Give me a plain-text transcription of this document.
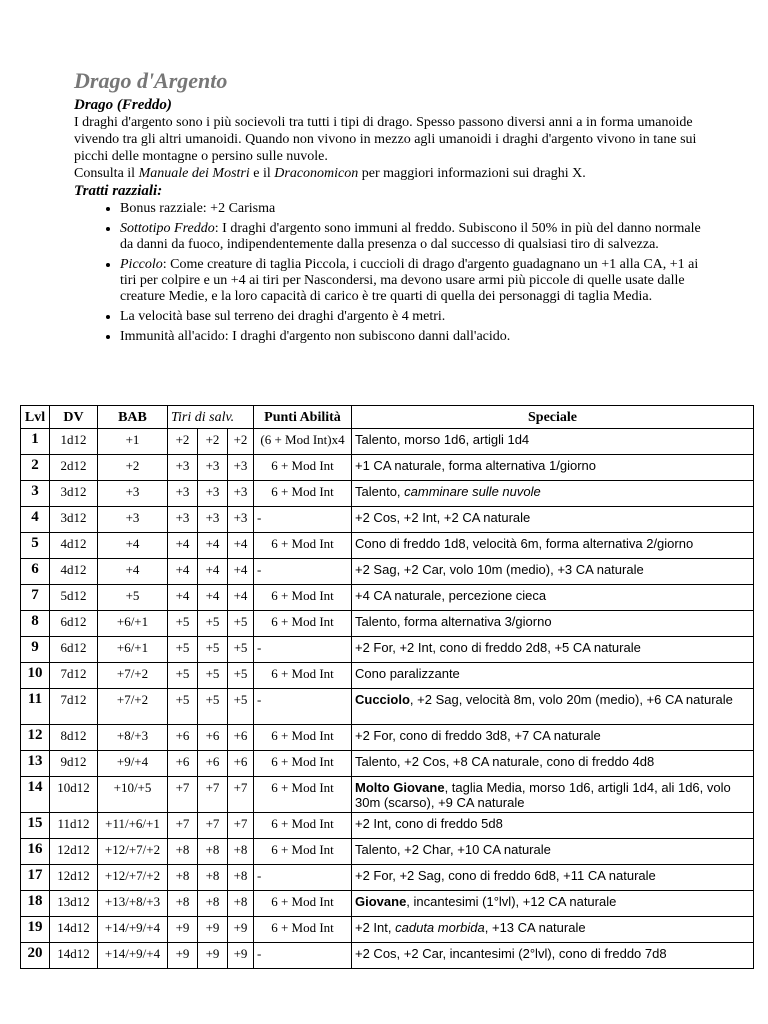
Drago d'Argento
Drago (Freddo)

I draghi d'argento sono i più socievoli tra tutti i tipi di drago. Spesso passono diversi anni a in forma umanoide vivendo tra gli altri umanoidi. Quando non vivono in mezzo agli umanoidi i draghi d'argento vivono in tane sui picchi delle montagne o persino sulle nuvole.

Consulta il Manuale dei Mostri e il Draconomicon per maggiori informazioni sui draghi X.

Tratti razziali:
• Bonus razziale: +2 Carisma
• Sottotipo Freddo: I draghi d'argento sono immuni al freddo. Subiscono il 50% in più del danno normale da danni da fuoco, indipendentemente dalla presenza o dal successo di qualsiasi tiro di salvezza.
• Piccolo: Come creature di taglia Piccola, i cuccioli di drago d'argento guadagnano un +1 alla CA, +1 ai tiri per colpire e un +4 ai tiri per Nascondersi, ma devono usare armi più piccole di quelle usate dalle creature Medie, e la loro capacità di carico è tre quarti di quella dei personaggi di taglia Media.
• La velocità base sul terreno dei draghi d'argento è 4 metri.
• Immunità all'acido: I draghi d'argento non subiscono danni dall'acido.
Lvl	DV	BAB	Tiri di salv.			Punti Abilità	Speciale
1	1d12	+1	+2	+2	+2	(6 + Mod Int)x4	Talento, morso 1d6, artigli 1d4
2	2d12	+2	+3	+3	+3	6 + Mod Int	+1 CA naturale, forma alternativa 1/giorno
3	3d12	+3	+3	+3	+3	6 + Mod Int	Talento, camminare sulle nuvole
4	3d12	+3	+3	+3	+3	-	+2 Cos, +2 Int, +2 CA naturale
5	4d12	+4	+4	+4	+4	6 + Mod Int	Cono di freddo 1d8, velocità 6m, forma alternativa 2/giorno
6	4d12	+4	+4	+4	+4	-	+2 Sag, +2 Car, volo 10m (medio), +3 CA naturale
7	5d12	+5	+4	+4	+4	6 + Mod Int	+4 CA naturale, percezione cieca
8	6d12	+6/+1	+5	+5	+5	6 + Mod Int	Talento, forma alternativa 3/giorno
9	6d12	+6/+1	+5	+5	+5	-	+2 For, +2 Int, cono di freddo 2d8, +5 CA naturale
10	7d12	+7/+2	+5	+5	+5	6 + Mod Int	Cono paralizzante
11	7d12	+7/+2	+5	+5	+5	-	Cucciolo, +2 Sag, velocità 8m, volo 20m (medio), +6 CA naturale
12	8d12	+8/+3	+6	+6	+6	6 + Mod Int	+2 For, cono di freddo 3d8, +7 CA naturale
13	9d12	+9/+4	+6	+6	+6	6 + Mod Int	Talento, +2 Cos, +8 CA naturale, cono di freddo 4d8
14	10d12	+10/+5	+7	+7	+7	6 + Mod Int	Molto Giovane, taglia Media, morso 1d6, artigli 1d4, ali 1d6, volo 30m (scarso), +9 CA naturale
15	11d12	+11/+6/+1	+7	+7	+7	6 + Mod Int	+2 Int, cono di freddo 5d8
16	12d12	+12/+7/+2	+8	+8	+8	6 + Mod Int	Talento, +2 Char, +10 CA naturale
17	12d12	+12/+7/+2	+8	+8	+8	-	+2 For, +2 Sag, cono di freddo 6d8, +11 CA naturale
18	13d12	+13/+8/+3	+8	+8	+8	6 + Mod Int	Giovane, incantesimi (1°lvl), +12 CA naturale
19	14d12	+14/+9/+4	+9	+9	+9	6 + Mod Int	+2 Int, caduta morbida, +13 CA naturale
20	14d12	+14/+9/+4	+9	+9	+9	-	+2 Cos, +2 Car, incantesimi (2°lvl), cono di freddo 7d8
